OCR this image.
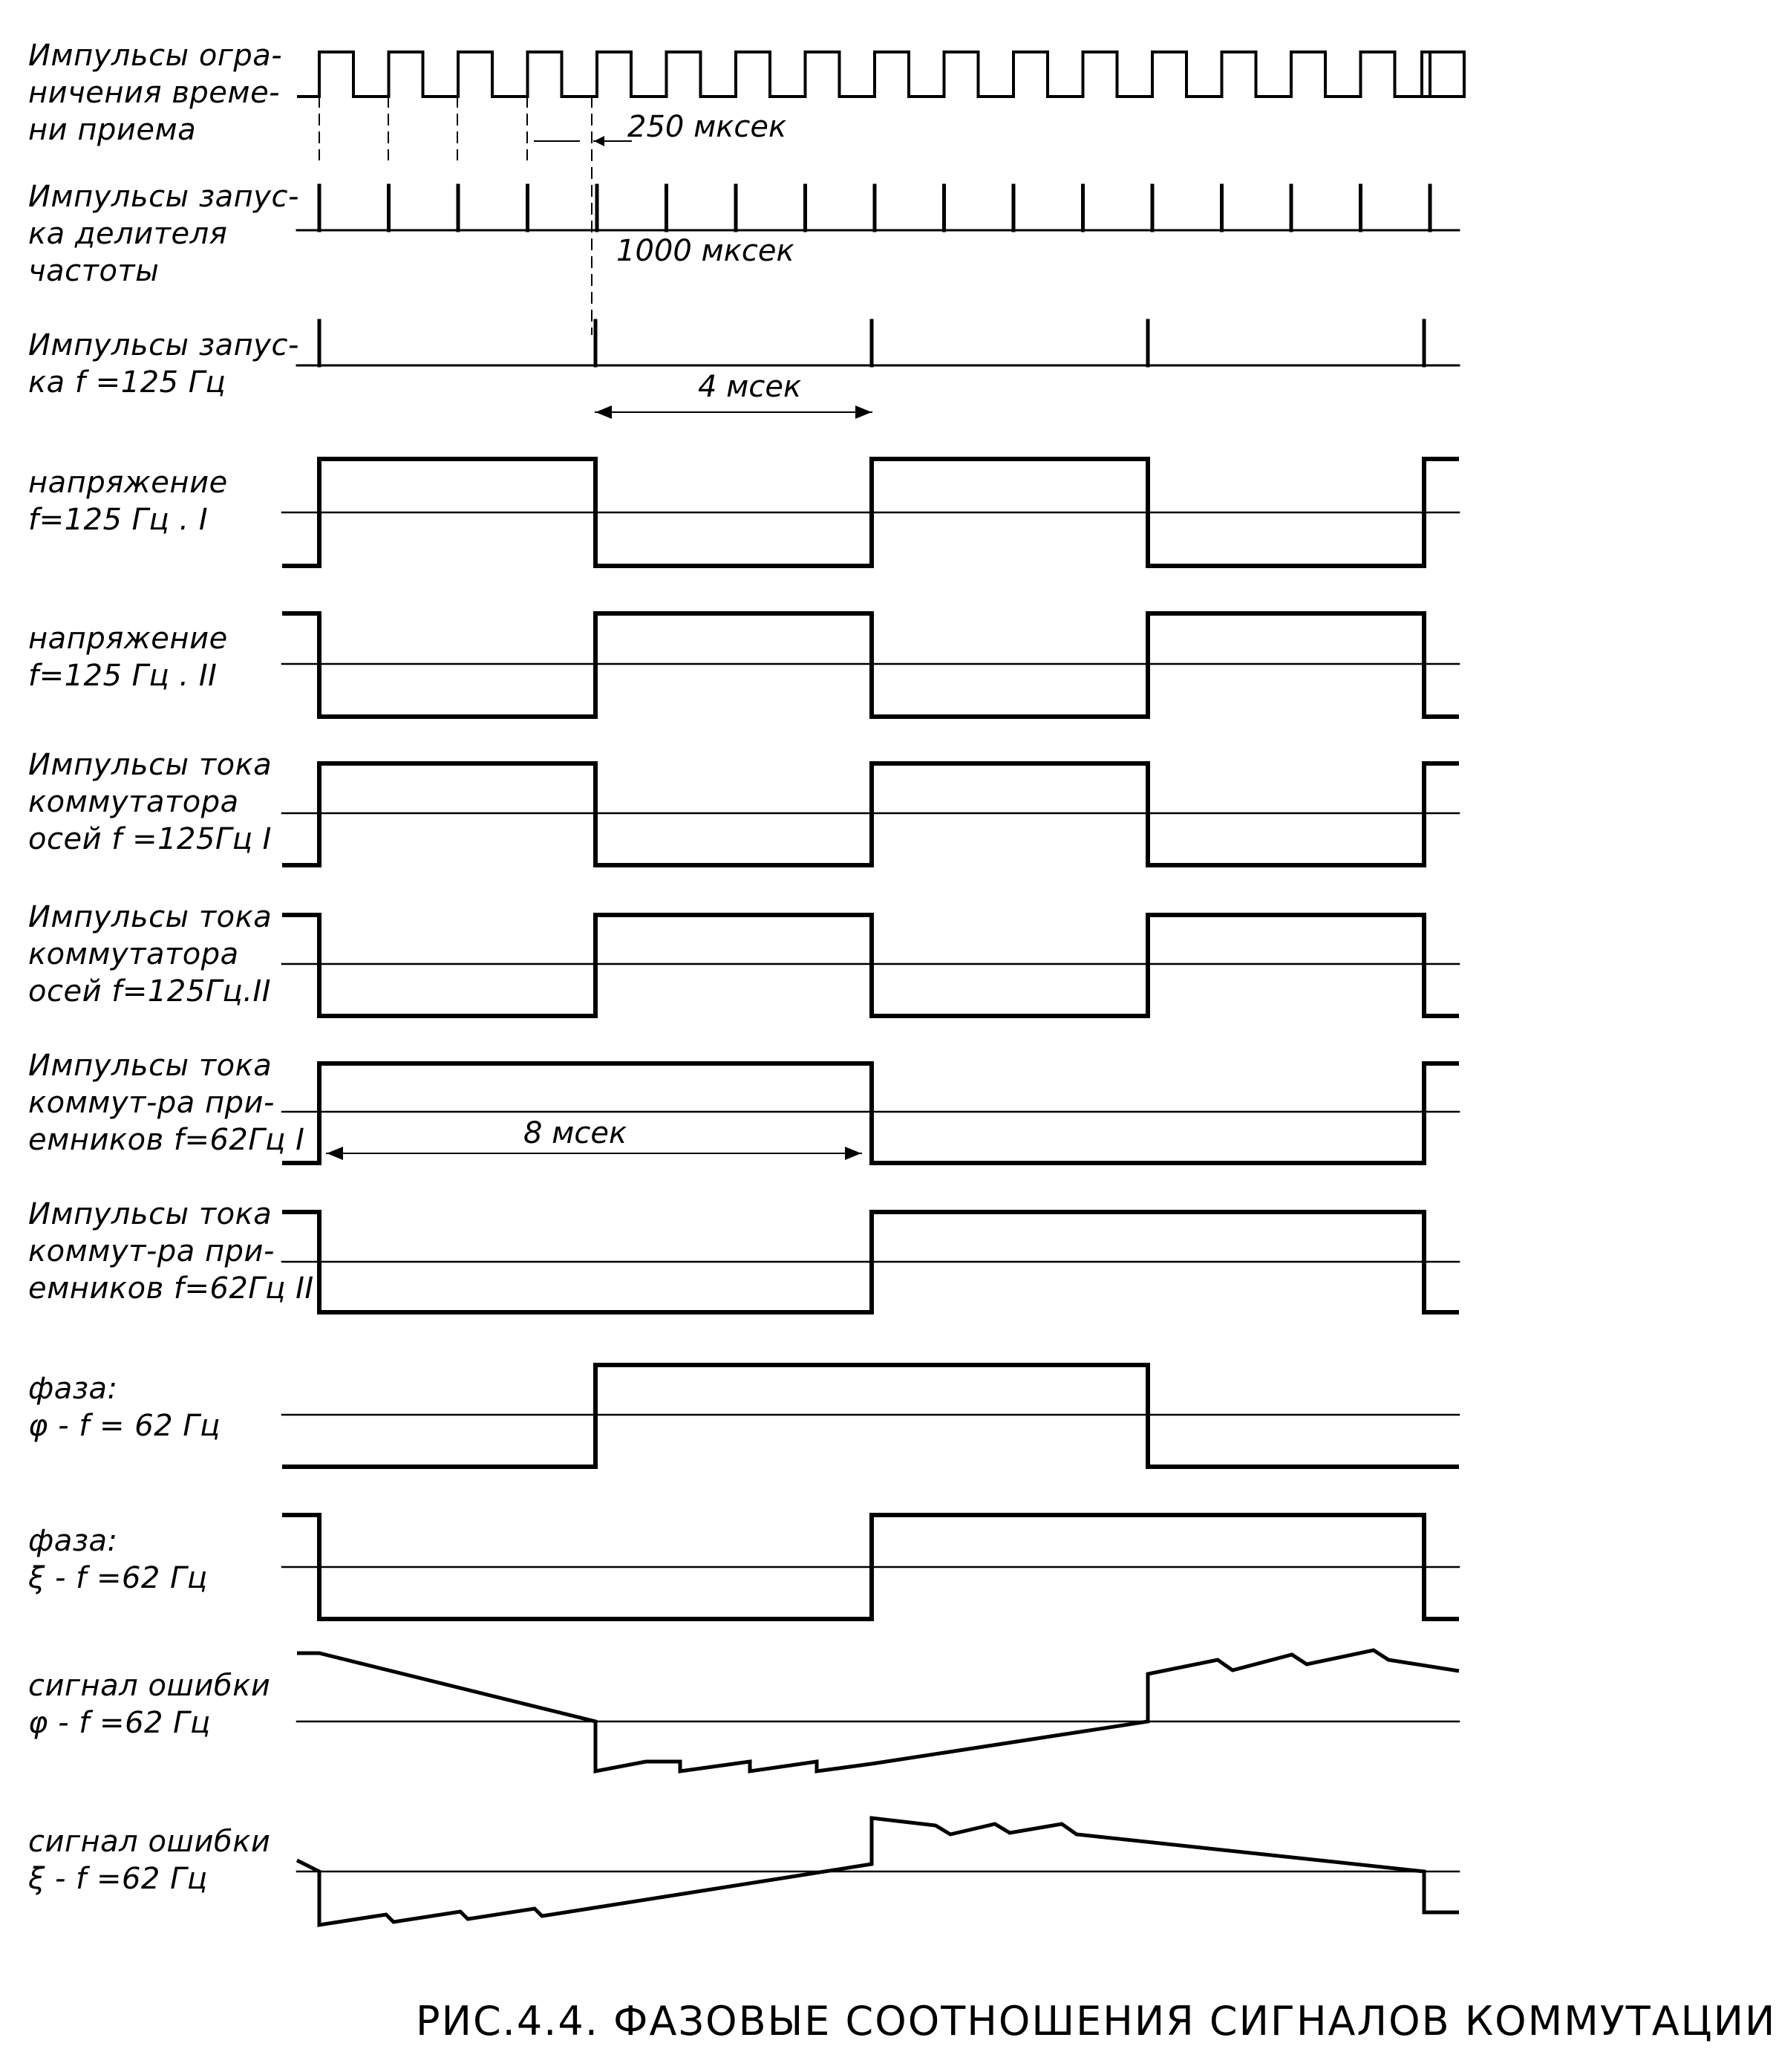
Импульсы огра-
ничения време-
ни приема
Импульсы запус-
ка делителя
частоты
Импульсы запус-
ка f =125 Гц
напряжение
f=125 Гц . I
напряжение
f=125 Гц . II
Импульсы тока
коммутатора
осей f =125Гц I
Импульсы тока
коммутатора
осей f=125Гц.II
Импульсы тока
коммут-ра при-
емников f=62Гц I
Импульсы тока
коммут-ра при-
емников f=62Гц II
фаза:
φ - f = 62 Гц
фаза:
ξ - f =62 Гц
сигнал ошибки
φ - f =62 Гц
сигнал ошибки
ξ - f =62 Гц
250 мксек
1000 мксек
4 мсек
8 мсек
РИС.4.4. ФАЗОВЫЕ СООТНОШЕНИЯ СИГНАЛОВ КОММУТАЦИИ
